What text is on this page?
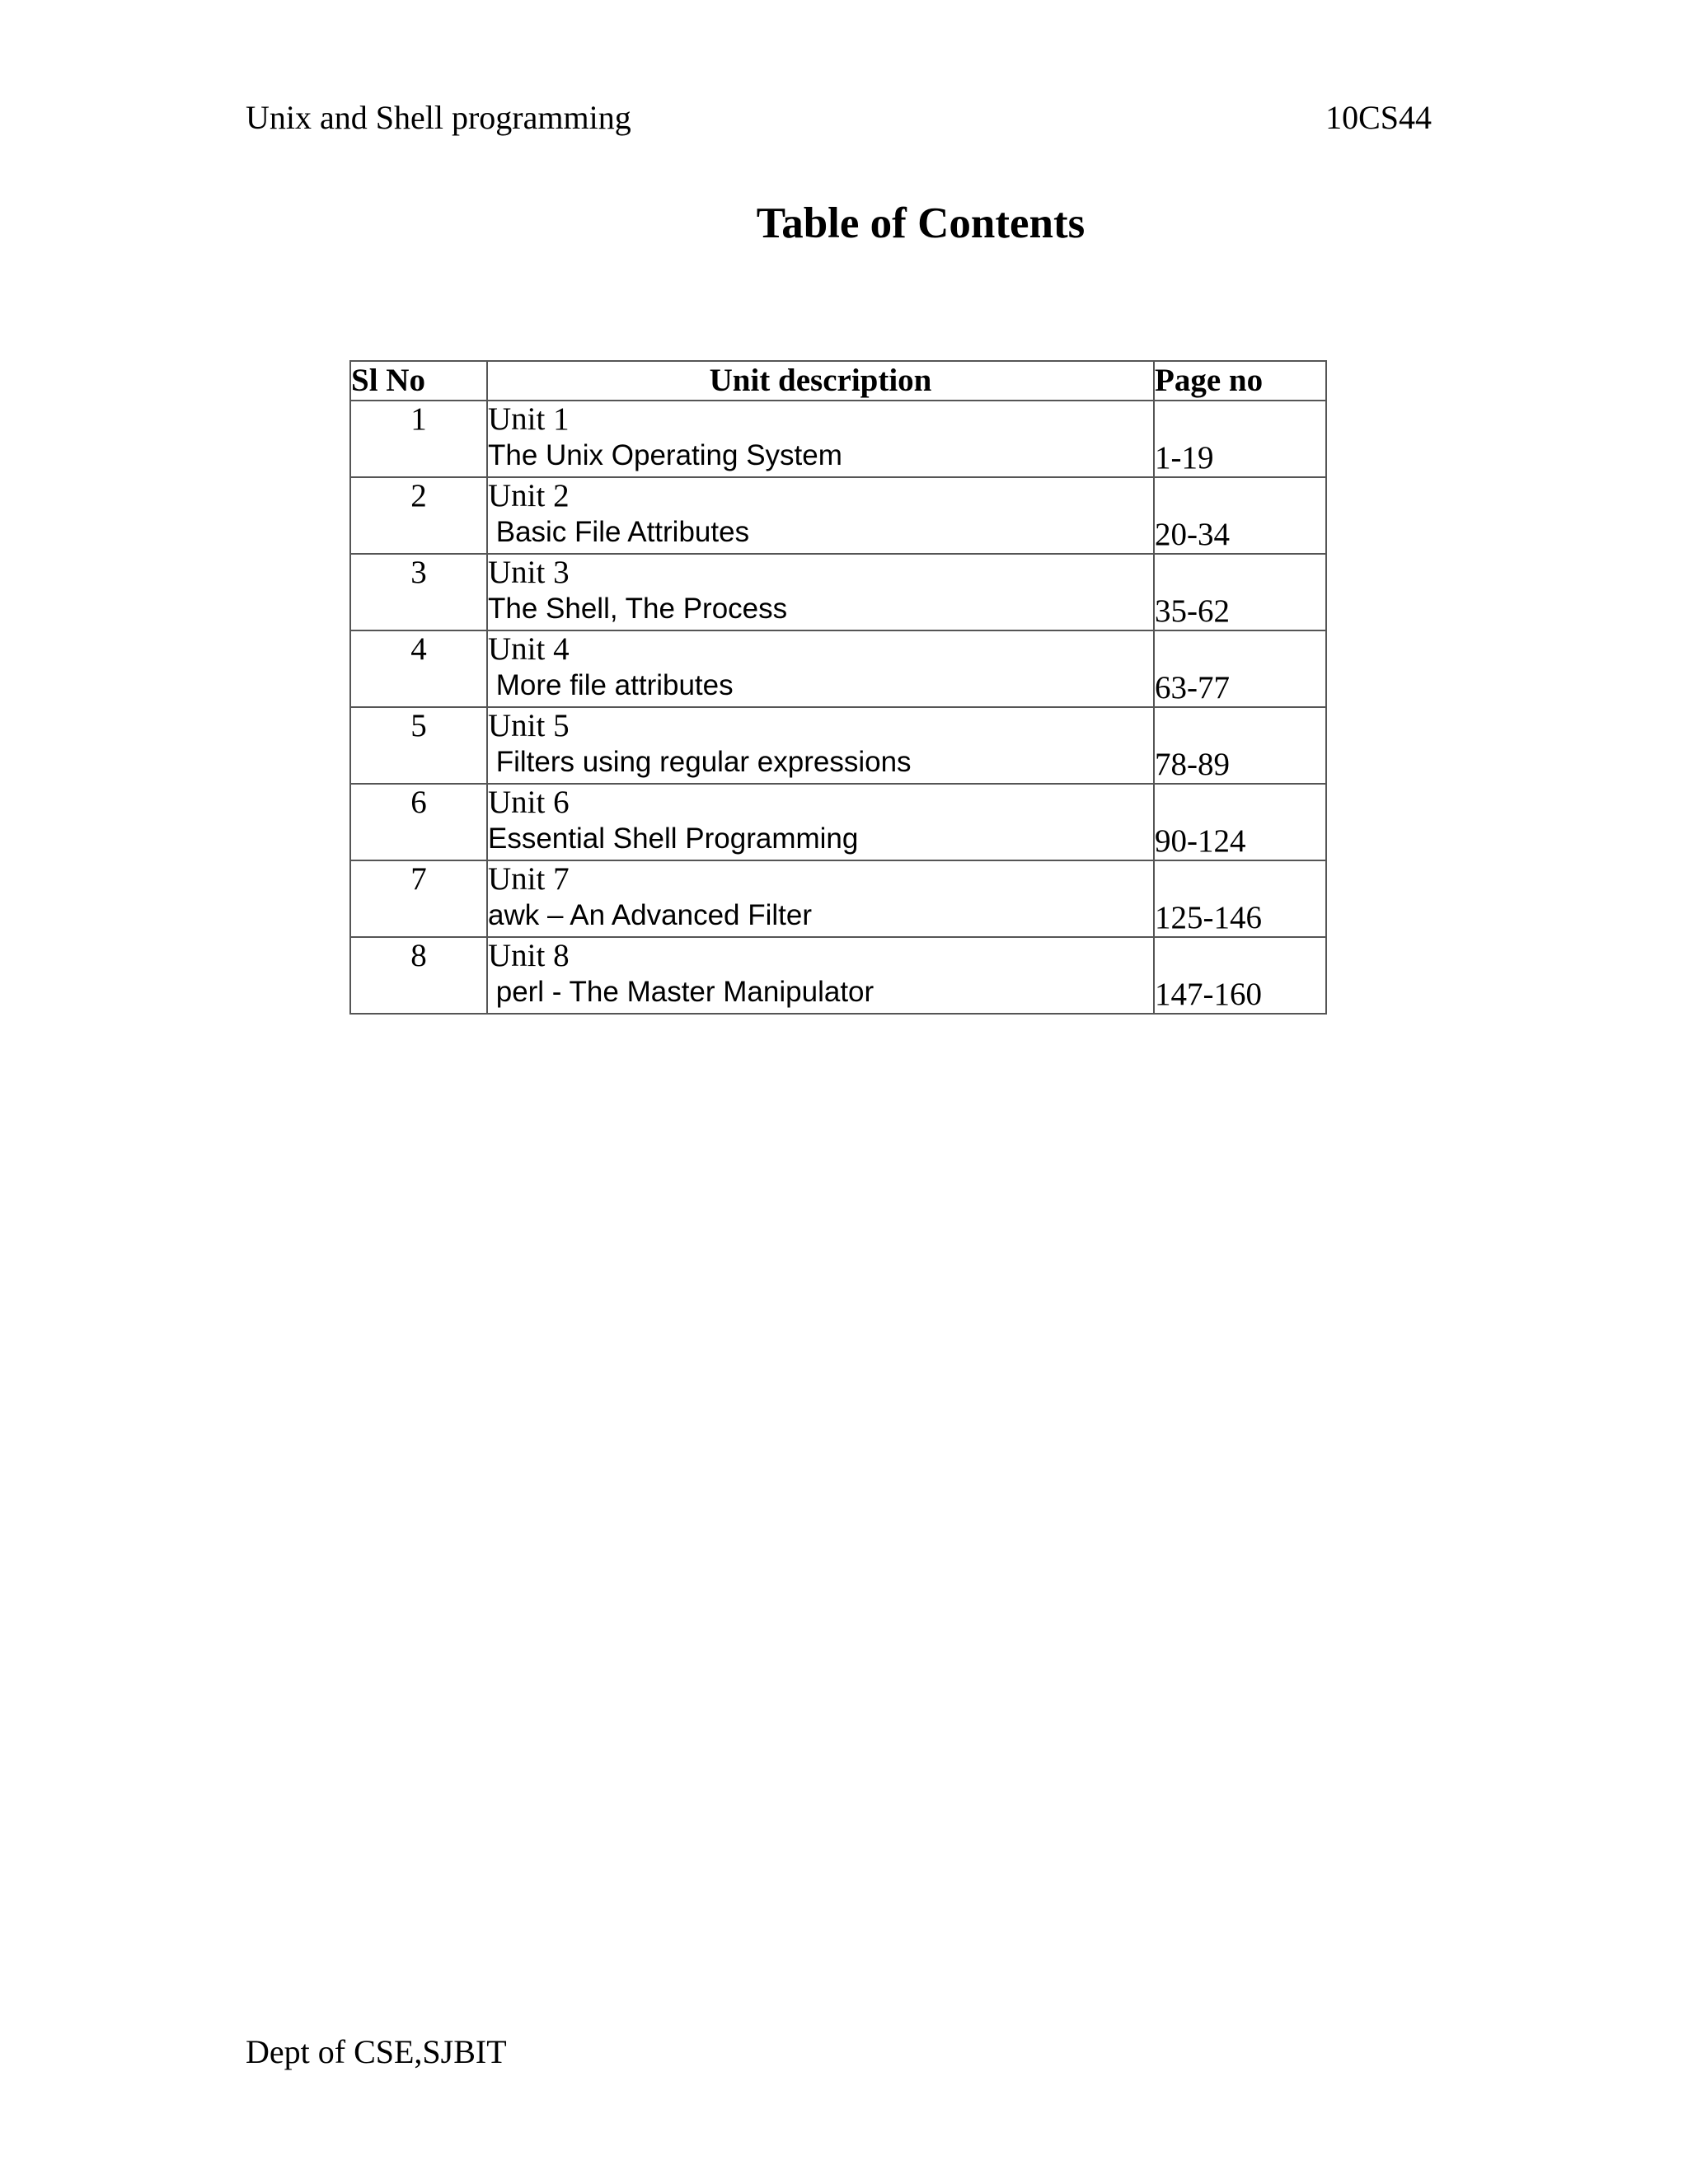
Unix and Shell programming	10CS44
Table of Contents
Sl No	Unit description	Page no
1	Unit 1
The Unix Operating System	1-19
2	Unit 2
Basic File Attributes	20-34
3	Unit 3
The Shell, The Process	35-62
4	Unit 4
More file attributes	63-77
5	Unit 5
Filters using regular expressions	78-89
6	Unit 6
Essential Shell Programming	90-124
7	Unit 7
awk – An Advanced Filter	125-146
8	Unit 8
perl - The Master Manipulator	147-160
Dept of CSE,SJBIT
